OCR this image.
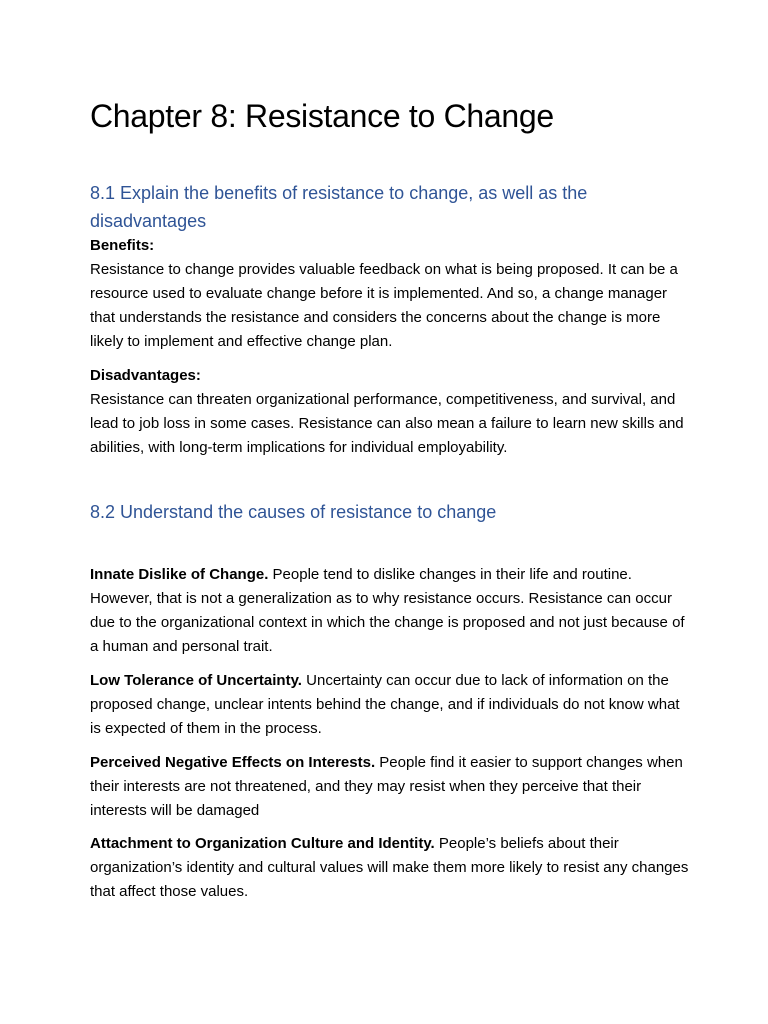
Chapter 8: Resistance to Change
8.1 Explain the benefits of resistance to change, as well as the disadvantages

Benefits:

Resistance to change provides valuable feedback on what is being proposed. It can be a resource used to evaluate change before it is implemented. And so, a change manager that understands the resistance and considers the concerns about the change is more likely to implement and effective change plan.

Disadvantages:

Resistance can threaten organizational performance, competitiveness, and survival, and lead to job loss in some cases. Resistance can also mean a failure to learn new skills and abilities, with long-term implications for individual employability.

8.2 Understand the causes of resistance to change

Innate Dislike of Change. People tend to dislike changes in their life and routine. However, that is not a generalization as to why resistance occurs. Resistance can occur due to the organizational context in which the change is proposed and not just because of a human and personal trait.

Low Tolerance of Uncertainty. Uncertainty can occur due to lack of information on the proposed change, unclear intents behind the change, and if individuals do not know what is expected of them in the process.

Perceived Negative Effects on Interests. People find it easier to support changes when their interests are not threatened, and they may resist when they perceive that their interests will be damaged

Attachment to Organization Culture and Identity. People’s beliefs about their organization’s identity and cultural values will make them more likely to resist any changes that affect those values.
